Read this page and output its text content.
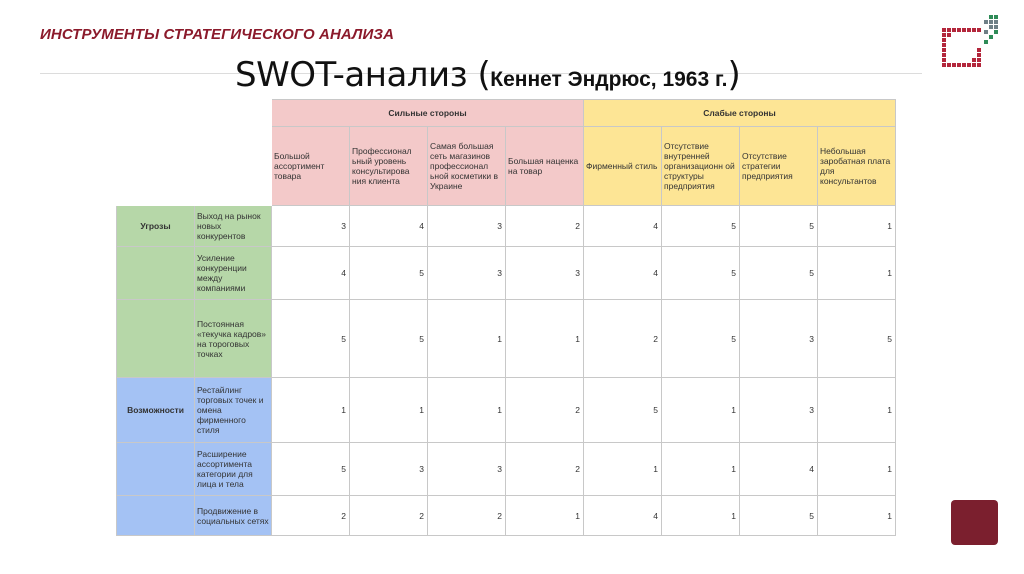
ИНСТРУМЕНТЫ СТРАТЕГИЧЕСКОГО АНАЛИЗА
SWOT-анализ (Кеннет Эндрюс, 1963 г.)
		Сильные стороны				Слабые стороны			
		Большой ассортимент товара	Профессионал ьный уровень консультирова ния клиента	Самая большая сеть магазинов профессионал ьной косметики в Украине	Большая наценка на товар	Фирменный стиль	Отсутствие внутренней организационн ой структуры предприятия	Отсутствие стратегии предприятия	Небольшая заробатная плата для консультантов
Угрозы	Выход на рынок новых конкурентов	3	4	3	2	4	5	5	1
	Усиление конкуренции между компаниями	4	5	3	3	4	5	5	1
	Постоянная «текучка кадров» на тороговых точках	5	5	1	1	2	5	3	5
Возможности	Рестайлинг торговых точек и омена фирменного стиля	1	1	1	2	5	1	3	1
	Расширение ассортимента категории для лица и тела	5	3	3	2	1	1	4	1
	Продвижение в социальных сетях	2	2	2	1	4	1	5	1
